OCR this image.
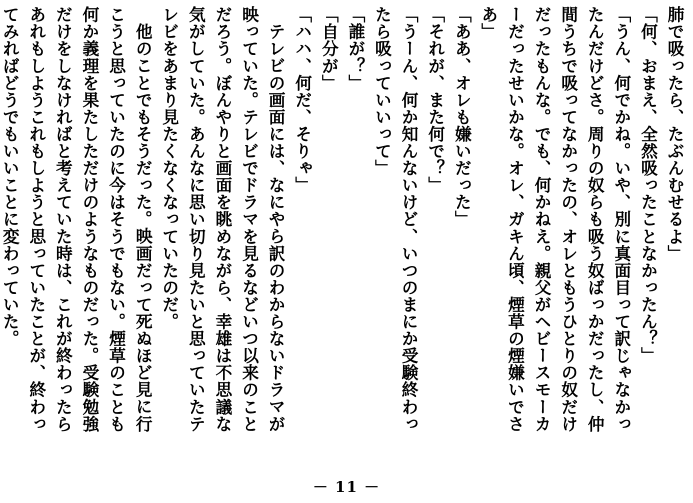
肺で吸ったら、たぶんむせるよ」
「何、おまえ、全然吸ったことなかったん？」
「うん、何でかね。いや、別に真面目って訳じゃなかっ
たんだけどさ。周りの奴らも吸う奴ばっかだったし、仲
間うちで吸ってなかったの、オレともうひとりの奴だけ
だったもんな。でも、何かねえ。親父がヘビースモーカ
ーだったせいかな。オレ、ガキん頃、煙草の煙嫌いでさ
あ」
「ああ、オレも嫌いだった」
「それが、また何で？」
「うーん、何か知んないけど、いつのまにか受験終わっ
たら吸っていいって」
「誰が？」
「自分が」
「ハハ、何だ、そりゃ」
テレビの画面には、なにやら訳のわからないドラマが
映っていた。テレビでドラマを見るなどいつ以来のこと
だろう。ぼんやりと画面を眺めながら、幸雄は不思議な
気がしていた。あんなに思い切り見たいと思っていたテ
レビをあまり見たくなくなっていたのだ。
他のことでもそうだった。映画だって死ぬほど見に行
こうと思っていたのに今はそうでもない。煙草のことも
何か義理を果たしただけのようなものだった。受験勉強
だけをしなければと考えていた時は、これが終わったら
あれもしようこれもしようと思っていたことが、終わっ
てみればどうでもいいことに変わっていた。
－ 11 －
